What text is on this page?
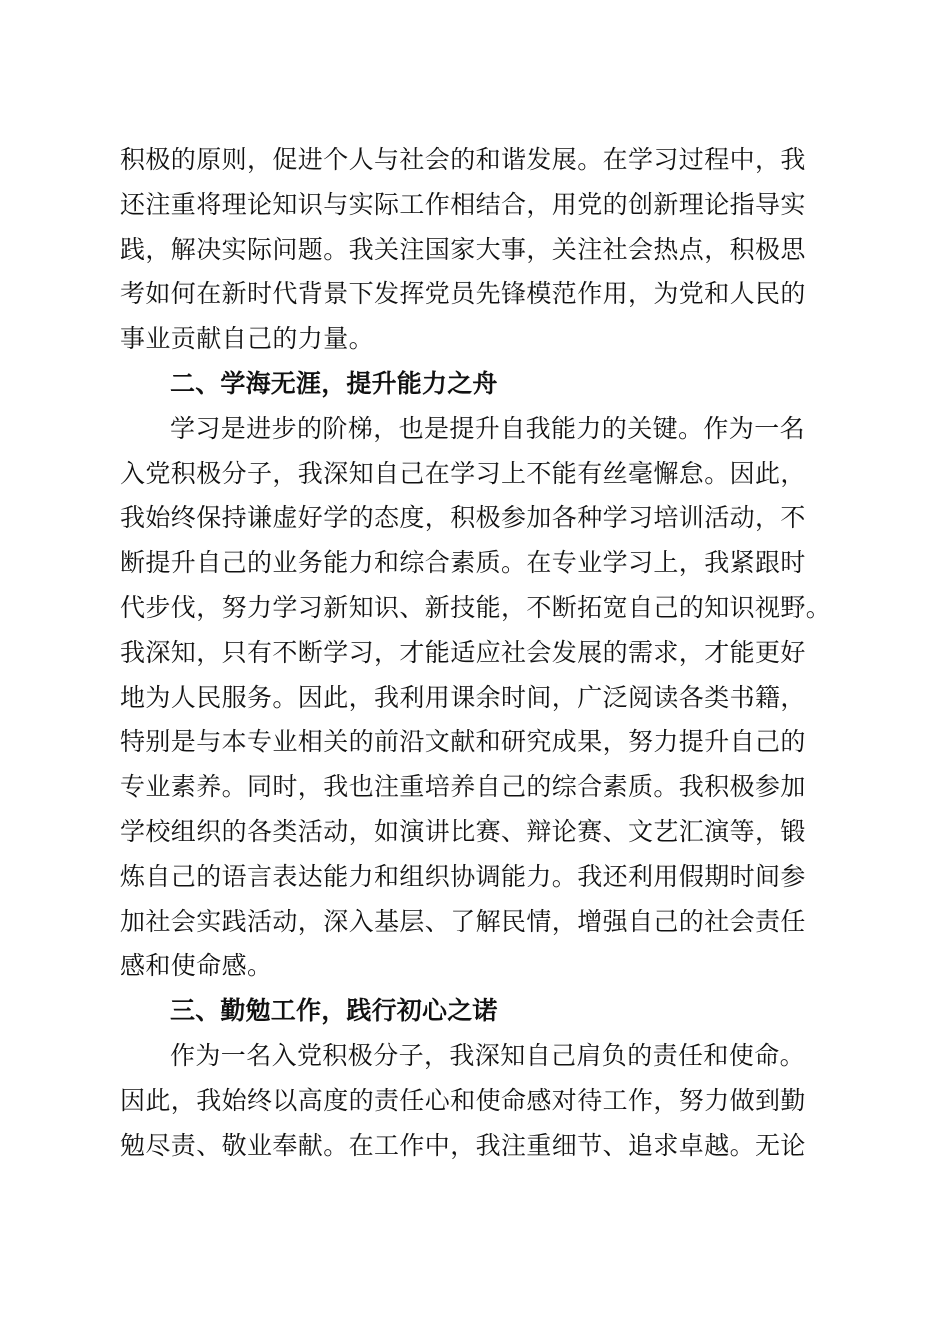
积极的原则，促进个人与社会的和谐发展。在学习过程中，我
还注重将理论知识与实际工作相结合，用党的创新理论指导实
践，解决实际问题。我关注国家大事，关注社会热点，积极思
考如何在新时代背景下发挥党员先锋模范作用，为党和人民的
事业贡献自己的力量。
二、学海无涯，提升能力之舟
学习是进步的阶梯，也是提升自我能力的关键。作为一名
入党积极分子，我深知自己在学习上不能有丝毫懈怠。因此，
我始终保持谦虚好学的态度，积极参加各种学习培训活动，不
断提升自己的业务能力和综合素质。在专业学习上，我紧跟时
代步伐，努力学习新知识、新技能，不断拓宽自己的知识视野。
我深知，只有不断学习，才能适应社会发展的需求，才能更好
地为人民服务。因此，我利用课余时间，广泛阅读各类书籍，
特别是与本专业相关的前沿文献和研究成果，努力提升自己的
专业素养。同时，我也注重培养自己的综合素质。我积极参加
学校组织的各类活动，如演讲比赛、辩论赛、文艺汇演等，锻
炼自己的语言表达能力和组织协调能力。我还利用假期时间参
加社会实践活动，深入基层、了解民情，增强自己的社会责任
感和使命感。
三、勤勉工作，践行初心之诺
作为一名入党积极分子，我深知自己肩负的责任和使命。
因此，我始终以高度的责任心和使命感对待工作，努力做到勤
勉尽责、敬业奉献。在工作中，我注重细节、追求卓越。无论
